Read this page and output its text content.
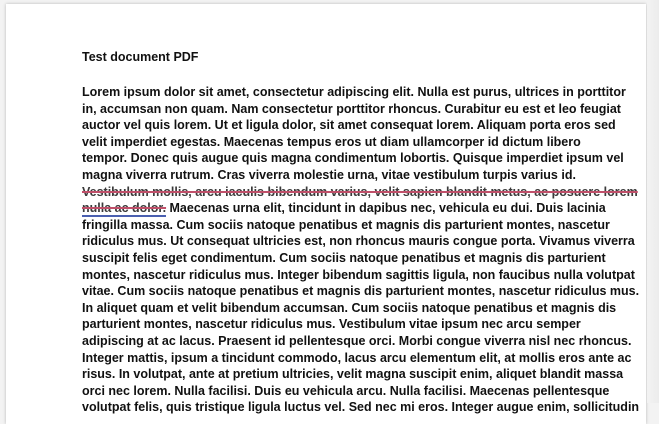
Test document PDF
Lorem ipsum dolor sit amet, consectetur adipiscing elit. Nulla est purus, ultrices in porttitor
in, accumsan non quam. Nam consectetur porttitor rhoncus. Curabitur eu est et leo feugiat
auctor vel quis lorem. Ut et ligula dolor, sit amet consequat lorem. Aliquam porta eros sed
velit imperdiet egestas. Maecenas tempus eros ut diam ullamcorper id dictum libero
tempor. Donec quis augue quis magna condimentum lobortis. Quisque imperdiet ipsum vel
magna viverra rutrum. Cras viverra molestie urna, vitae vestibulum turpis varius id.
Vestibulum mollis, arcu iaculis bibendum varius, velit sapien blandit metus, ac posuere lorem
nulla ac dolor. Maecenas urna elit, tincidunt in dapibus nec, vehicula eu dui. Duis lacinia
fringilla massa. Cum sociis natoque penatibus et magnis dis parturient montes, nascetur
ridiculus mus. Ut consequat ultricies est, non rhoncus mauris congue porta. Vivamus viverra
suscipit felis eget condimentum. Cum sociis natoque penatibus et magnis dis parturient
montes, nascetur ridiculus mus. Integer bibendum sagittis ligula, non faucibus nulla volutpat
vitae. Cum sociis natoque penatibus et magnis dis parturient montes, nascetur ridiculus mus.
In aliquet quam et velit bibendum accumsan. Cum sociis natoque penatibus et magnis dis
parturient montes, nascetur ridiculus mus. Vestibulum vitae ipsum nec arcu semper
adipiscing at ac lacus. Praesent id pellentesque orci. Morbi congue viverra nisl nec rhoncus.
Integer mattis, ipsum a tincidunt commodo, lacus arcu elementum elit, at mollis eros ante ac
risus. In volutpat, ante at pretium ultricies, velit magna suscipit enim, aliquet blandit massa
orci nec lorem. Nulla facilisi. Duis eu vehicula arcu. Nulla facilisi. Maecenas pellentesque
volutpat felis, quis tristique ligula luctus vel. Sed nec mi eros. Integer augue enim, sollicitudin
